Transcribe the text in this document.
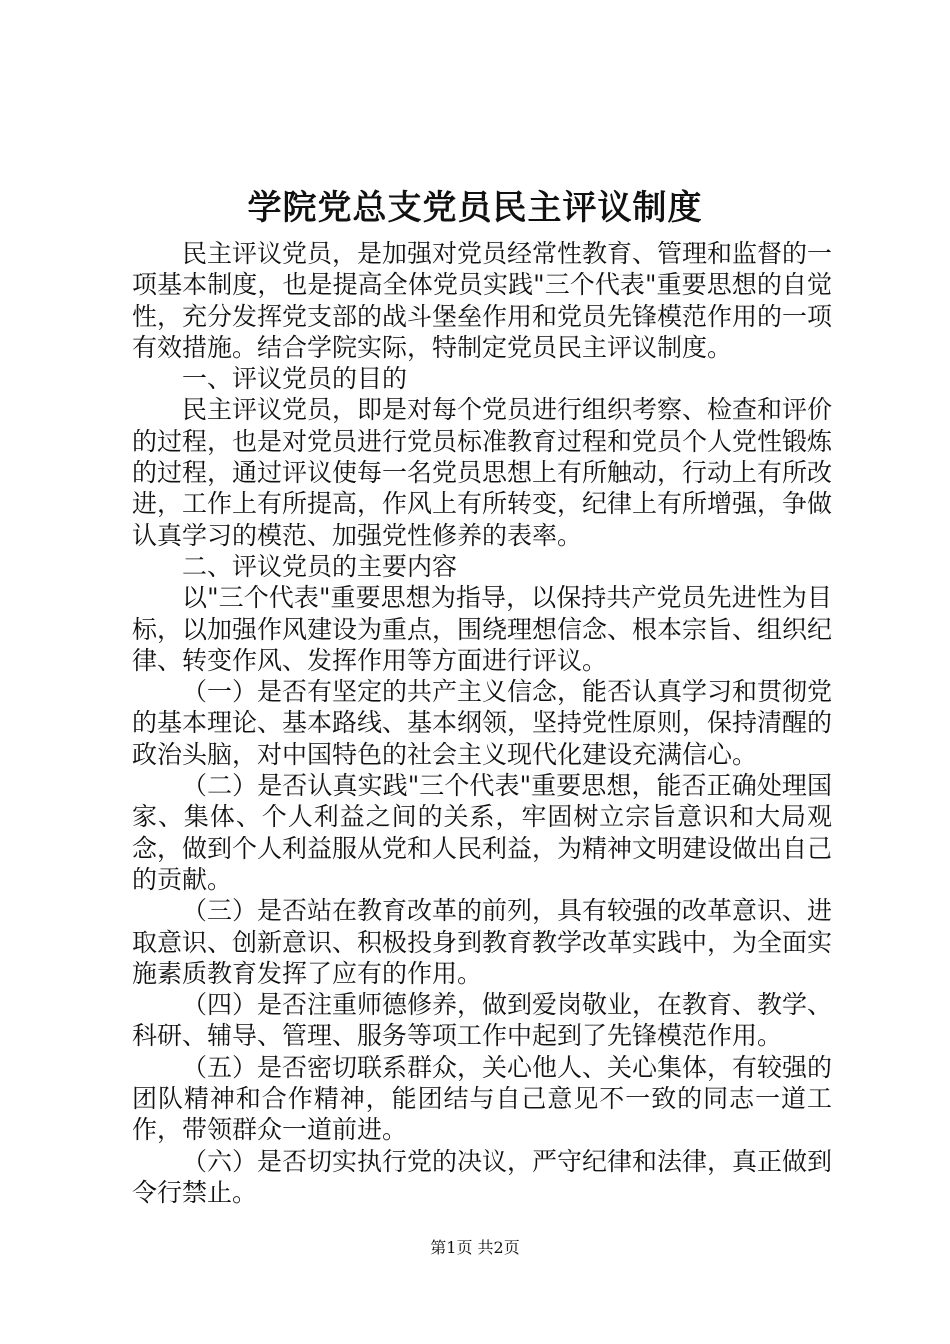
学院党总支党员民主评议制度

民主评议党员，是加强对党员经常性教育、管理和监督的一项基本制度，也是提高全体党员实践"三个代表"重要思想的自觉性，充分发挥党支部的战斗堡垒作用和党员先锋模范作用的一项有效措施。结合学院实际，特制定党员民主评议制度。

一、评议党员的目的

民主评议党员，即是对每个党员进行组织考察、检查和评价的过程，也是对党员进行党员标准教育过程和党员个人党性锻炼的过程，通过评议使每一名党员思想上有所触动，行动上有所改进，工作上有所提高，作风上有所转变，纪律上有所增强，争做认真学习的模范、加强党性修养的表率。

二、评议党员的主要内容

以"三个代表"重要思想为指导，以保持共产党员先进性为目标，以加强作风建设为重点，围绕理想信念、根本宗旨、组织纪律、转变作风、发挥作用等方面进行评议。

（一）是否有坚定的共产主义信念，能否认真学习和贯彻党的基本理论、基本路线、基本纲领，坚持党性原则，保持清醒的政治头脑，对中国特色的社会主义现代化建设充满信心。

（二）是否认真实践"三个代表"重要思想，能否正确处理国家、集体、个人利益之间的关系，牢固树立宗旨意识和大局观念，做到个人利益服从党和人民利益，为精神文明建设做出自己的贡献。

（三）是否站在教育改革的前列，具有较强的改革意识、进取意识、创新意识、积极投身到教育教学改革实践中，为全面实施素质教育发挥了应有的作用。

（四）是否注重师德修养，做到爱岗敬业，在教育、教学、科研、辅导、管理、服务等项工作中起到了先锋模范作用。

（五）是否密切联系群众，关心他人、关心集体，有较强的团队精神和合作精神，能团结与自己意见不一致的同志一道工作，带领群众一道前进。

（六）是否切实执行党的决议，严守纪律和法律，真正做到令行禁止。

第1页 共2页
